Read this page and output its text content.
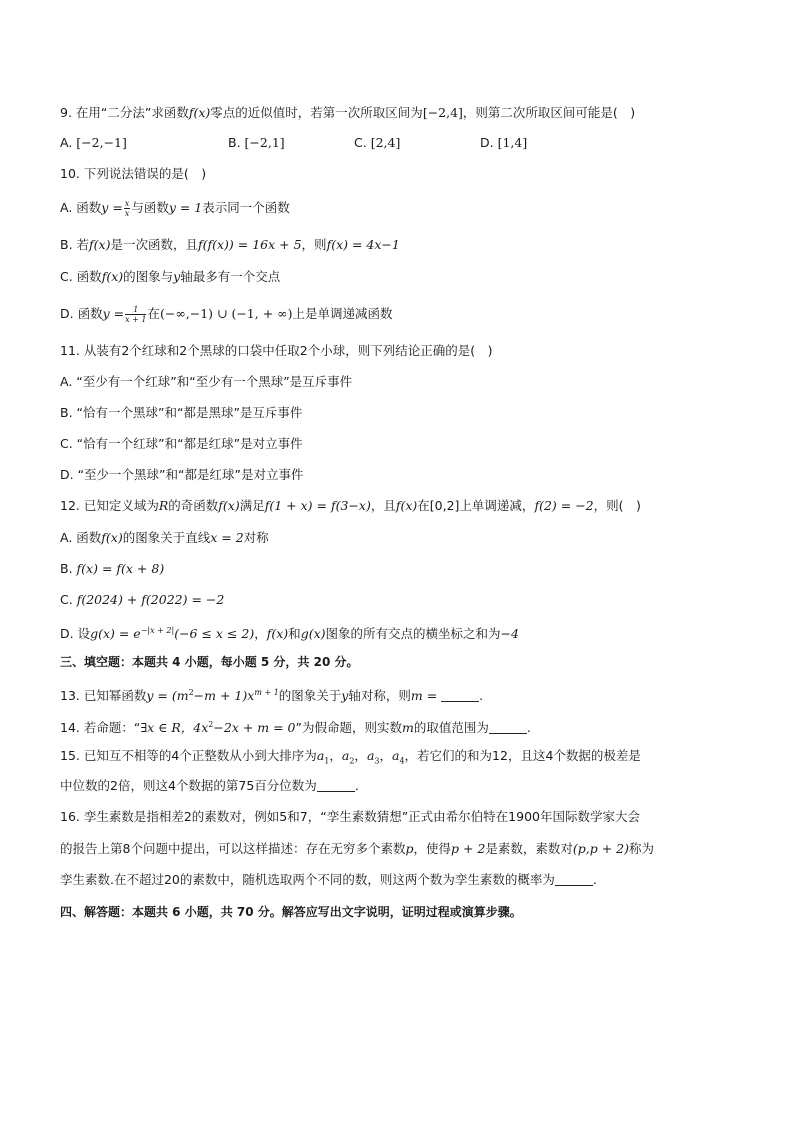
9. 在用“二分法”求函数f(x)零点的近似值时，若第一次所取区间为[−2,4]，则第二次所取区间可能是(　)
A. [−2,−1]	B. [−2,1]	C. [2,4]	D. [1,4]
10. 下列说法错误的是(　)
A. 函数$y = \frac{x}{x}$ 与函数y = 1表示同一个函数
B. 若f(x)是一次函数，且f(f(x)) = 16x + 5，则f(x) = 4x−1
C. 函数f(x)的图象与y轴最多有一个交点
D. 函数$y = \frac{1}{x + 1}$ 在(−∞,−1) ∪ (−1, + ∞)上是单调递减函数
11. 从装有2个红球和2个黑球的口袋中任取2个小球，则下列结论正确的是(　)
A. “至少有一个红球”和“至少有一个黑球”是互斥事件
B. “恰有一个黑球”和“都是黑球”是互斥事件
C. “恰有一个红球”和“都是红球”是对立事件
D. “至少一个黑球”和“都是红球”是对立事件
12. 已知定义域为R的奇函数f(x)满足f(1 + x) = f(3−x)，且f(x)在[0,2]上单调递减，f(2) = −2，则(　)
A. 函数f(x)的图象关于直线x = 2对称
B. f(x) = f(x + 8)
C. f(2024) + f(2022) = −2
D. 设$g(x) = e^{-|x + 2|}(-6 \le x \le 2)$，f(x)和g(x)图象的所有交点的横坐标之和为−4
三、填空题：本题共 4 小题，每小题 5 分，共 20 分。
13. 已知幂函数$y = (m^2-m + 1)x^{m + 1}$的图象关于y轴对称，则m =	.
14. 若命题：“∃x ∈ R，$4x^2-2x + m = 0$”为假命题，则实数m的取值范围为	.
15. 已知互不相等的4个正整数从小到大排序为$a_1$，$a_2$，$a_3$，$a_4$，若它们的和为12，且这4个数据的极差是
中位数的2倍，则这4个数据的第75百分位数为	.
16. 孪生素数是指相差2的素数对，例如5和7，“孪生素数猜想”正式由希尔伯特在1900年国际数学家大会
的报告上第8个问题中提出，可以这样描述：存在无穷多个素数p，使得p + 2是素数，素数对(p,p + 2)称为
孪生素数.在不超过20的素数中，随机选取两个不同的数，则这两个数为孪生素数的概率为	.
四、解答题：本题共 6 小题，共 70 分。解答应写出文字说明，证明过程或演算步骤。
